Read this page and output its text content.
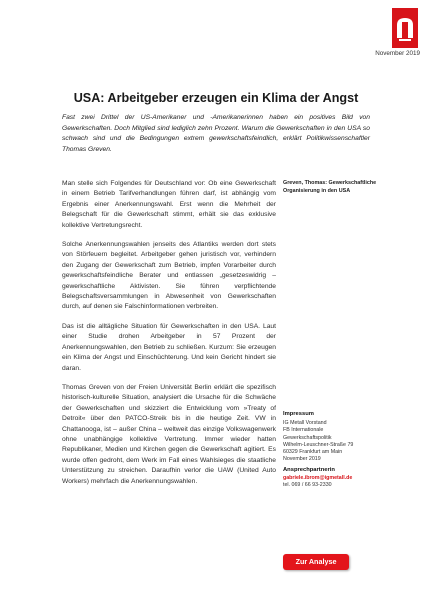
November 2019
USA: Arbeitgeber erzeugen ein Klima der Angst

Fast zwei Drittel der US-Amerikaner und -Amerikanerinnen haben ein positives Bild von Gewerkschaften. Doch Mitglied sind lediglich zehn Prozent. Warum die Gewerkschaften in den USA so schwach sind und die Bedingungen extrem gewerkschaftsfeindlich, erklärt Politikwissenschaftler Thomas Greven.

Man stelle sich Folgendes für Deutschland vor: Ob eine Gewerkschaft in einem Betrieb Tarifverhandlungen führen darf, ist abhängig vom Ergebnis einer Anerkennungswahl. Erst wenn die Mehrheit der Belegschaft für die Gewerkschaft stimmt, erhält sie das exklusive kollektive Vertretungsrecht.

Solche Anerkennungswahlen jenseits des Atlantiks werden dort stets von Störfeuern begleitet. Arbeitgeber gehen juristisch vor, verhindern den Zugang der Gewerkschaft zum Betrieb, impfen Vorarbeiter durch gewerkschaftsfeindliche Berater und entlassen „gesetzeswidrig – gewerkschaftliche Aktivisten. Sie führen verpflichtende Belegschaftsversammlungen in Abwesenheit von Gewerkschaften durch, auf denen sie Falschinformationen verbreiten.

Das ist die alltägliche Situation für Gewerkschaften in den USA. Laut einer Studie drohen Arbeitgeber in 57 Prozent der Anerkennungswahlen, den Betrieb zu schließen. Kurzum: Sie erzeugen ein Klima der Angst und Einschüchterung. Und kein Gericht hindert sie daran.

Thomas Greven von der Freien Universität Berlin erklärt die spezifisch historisch-kulturelle Situation, analysiert die Ursache für die Schwäche der Gewerkschaften und skizziert die Entwicklung vom »Treaty of Detroit« über den PATCO-Streik bis in die heutige Zeit. VW in Chattanooga, ist – außer China – weltweit das einzige Volkswagenwerk ohne unabhängige kollektive Vertretung. Immer wieder hatten Republikaner, Medien und Kirchen gegen die Gewerkschaft agitiert. Es wurde offen gedroht, dem Werk im Fall eines Wahlsieges die staatliche Unterstützung zu streichen. Daraufhin verlor die UAW (United Auto Workers) mehrfach die Anerkennungswahlen.

Greven, Thomas: Gewerkschaftliche Organisierung in den USA

Impressum
IG Metall Vorstand
FB Internationale
Gewerkschaftspolitik
Wilhelm-Leuschner-Straße 79
60329 Frankfurt am Main
November 2019
Ansprechpartnerin
gabriele.ibrom@igmetall.de
tel. 069 / 66 93-2330
Zur Analyse
